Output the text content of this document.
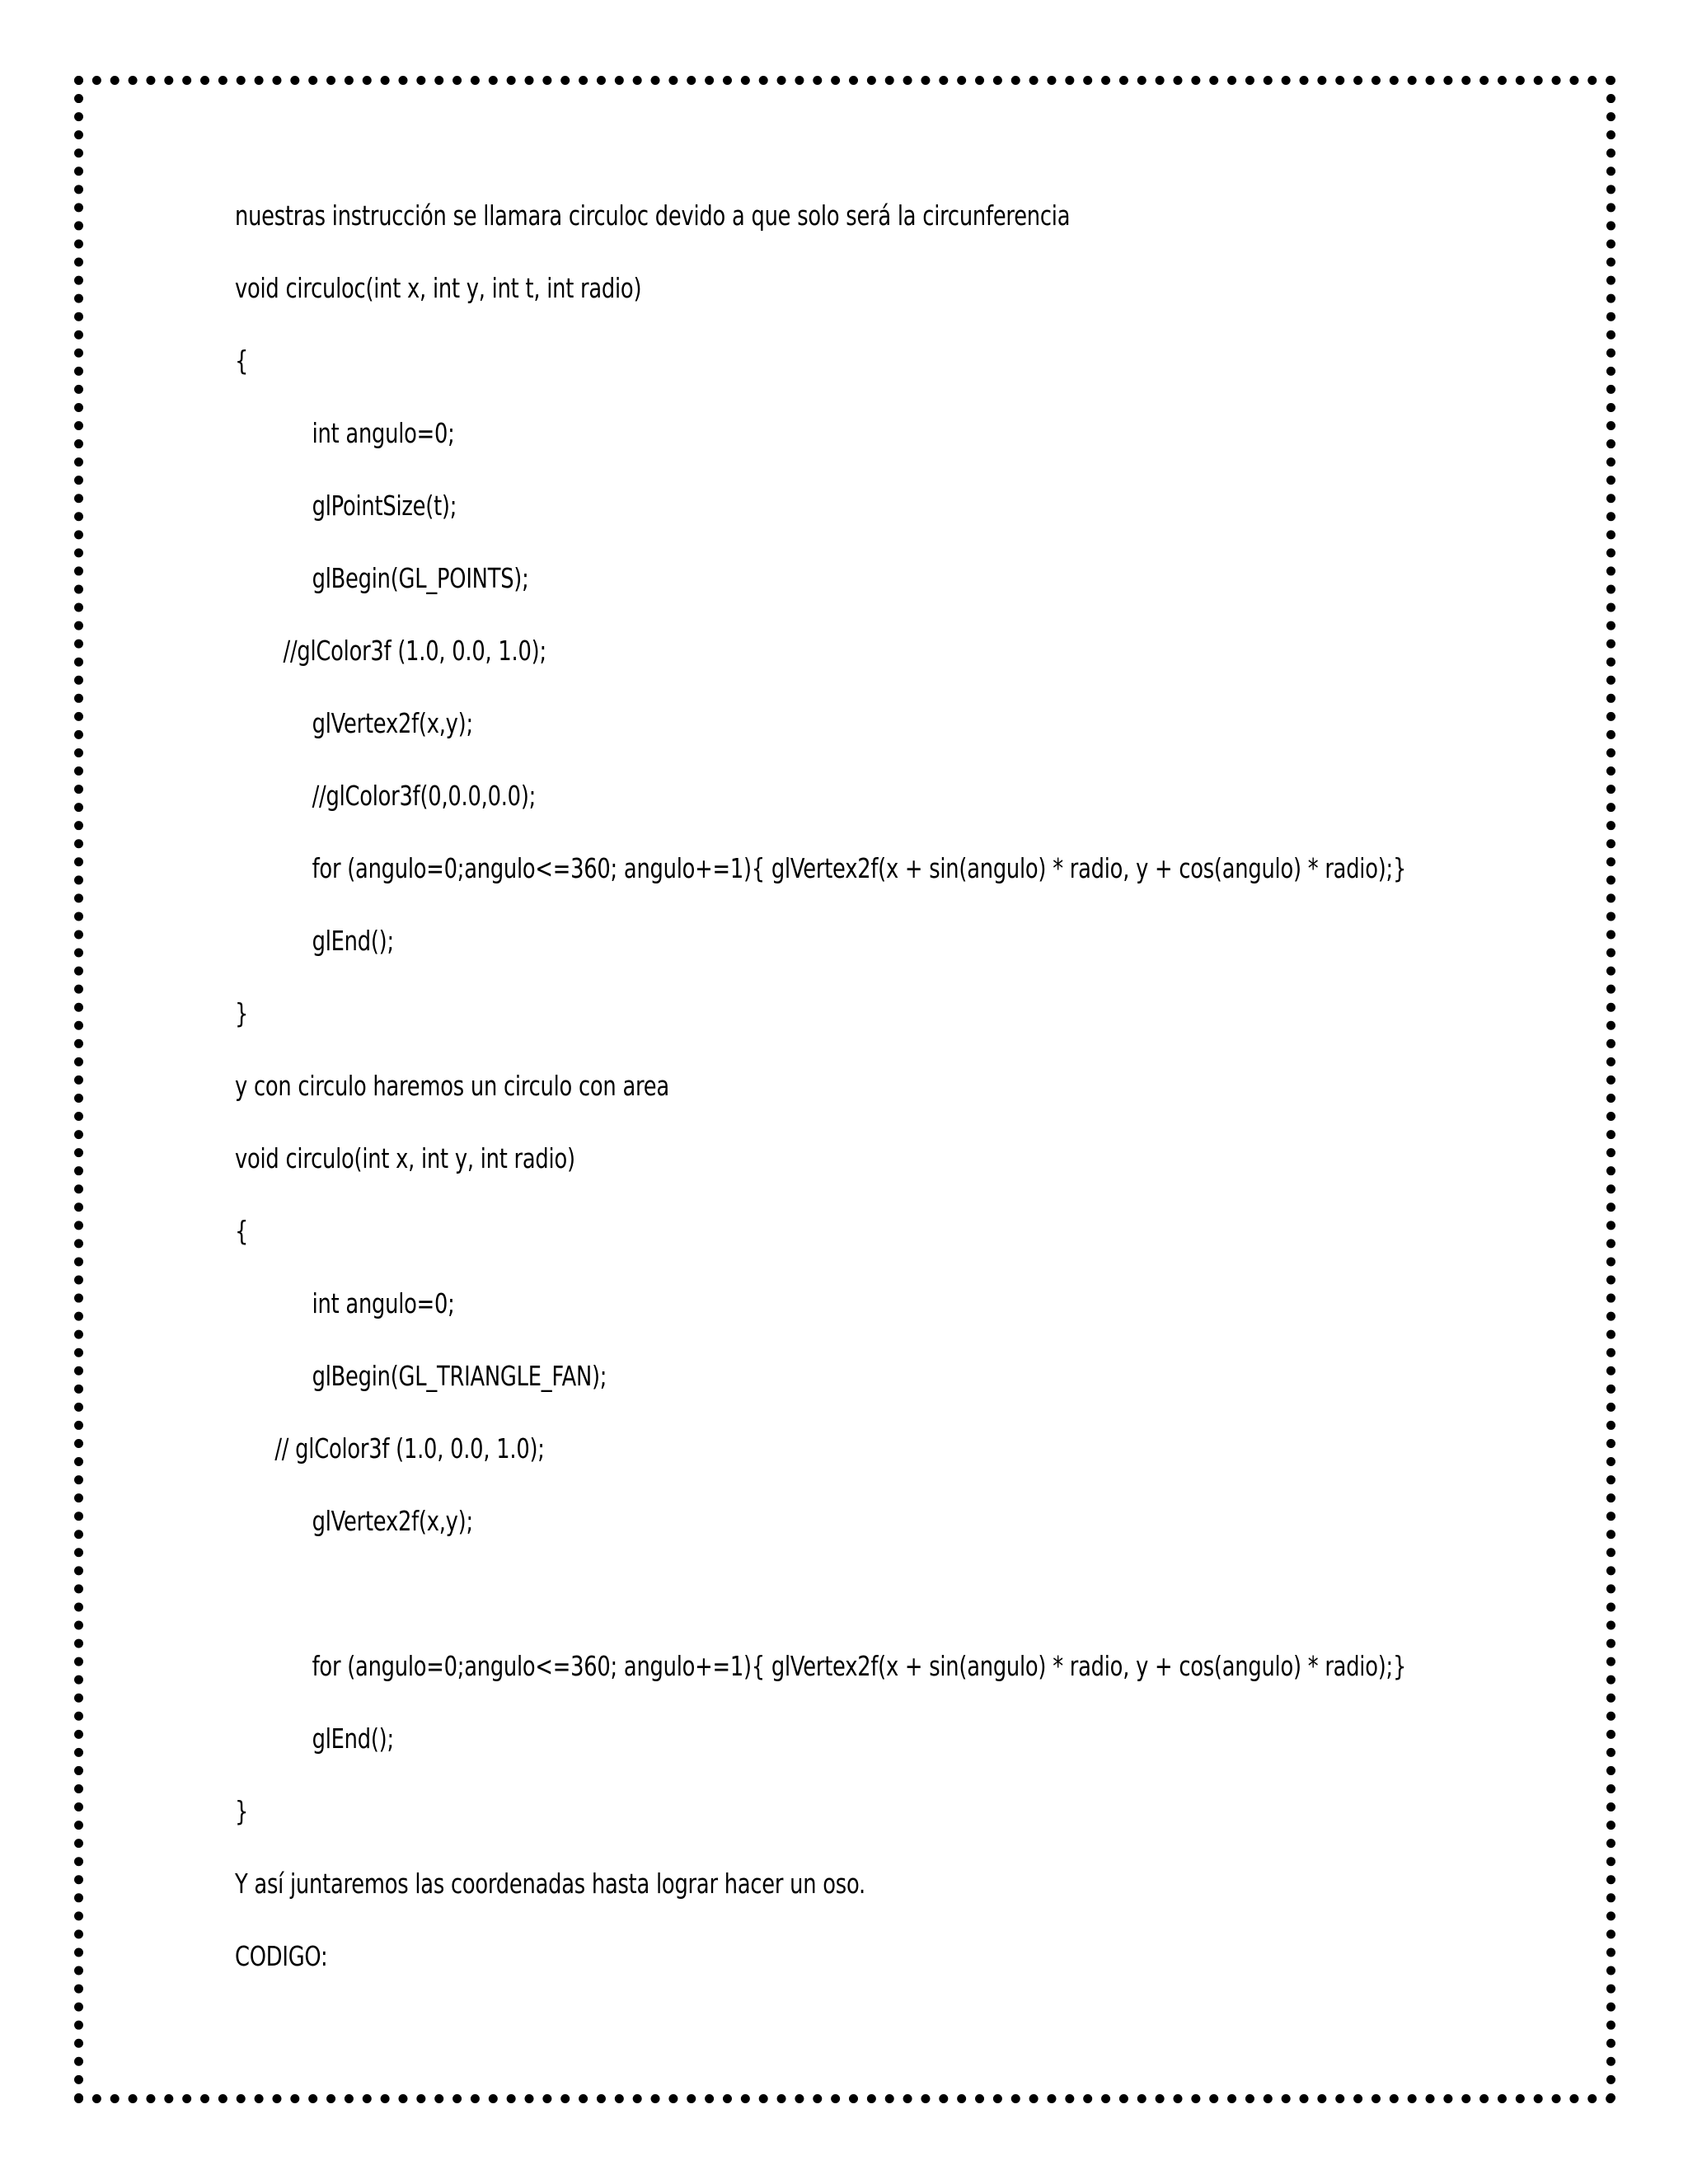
nuestras instrucción se llamara circuloc devido a que solo será la circunferencia
void circuloc(int x, int y, int t, int radio)
{
int angulo=0;
glPointSize(t);
glBegin(GL_POINTS);
//glColor3f (1.0, 0.0, 1.0);
glVertex2f(x,y);
//glColor3f(0,0.0,0.0);
for (angulo=0;angulo<=360; angulo+=1){ glVertex2f(x + sin(angulo) * radio, y + cos(angulo) * radio);}
glEnd();
}
y con circulo haremos un circulo con area
void circulo(int x, int y, int radio)
{
int angulo=0;
glBegin(GL_TRIANGLE_FAN);
// glColor3f (1.0, 0.0, 1.0);
glVertex2f(x,y);
for (angulo=0;angulo<=360; angulo+=1){ glVertex2f(x + sin(angulo) * radio, y + cos(angulo) * radio);}
glEnd();
}
Y así juntaremos las coordenadas hasta lograr hacer un oso.
CODIGO:
